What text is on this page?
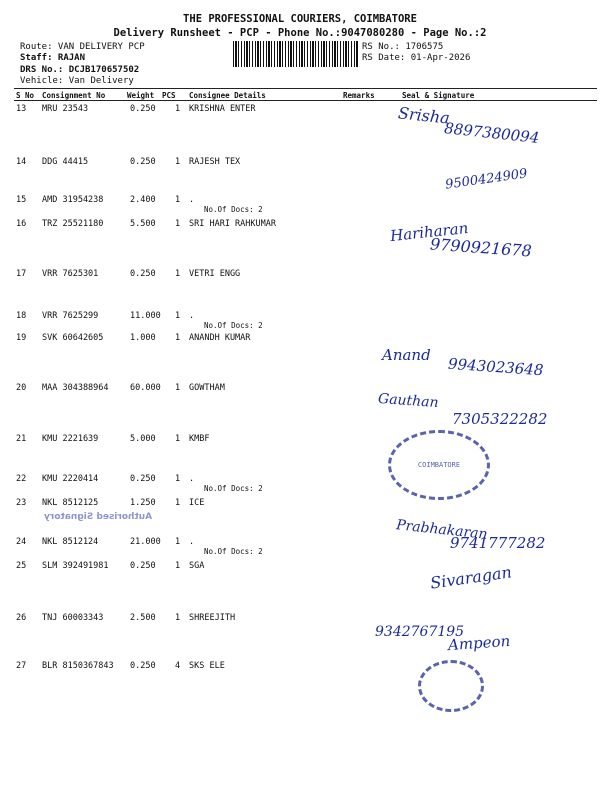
THE PROFESSIONAL COURIERS, COIMBATORE
Delivery Runsheet - PCP - Phone No.:9047080280 - Page No.:2
Route: VAN DELIVERY PCP
Staff: RAJAN
DRS No.: DCJB170657502
Vehicle: Van Delivery
RS No.: 1706575
RS Date: 01-Apr-2026
S No Consignment No	Weight PCS Consignee Details	Remarks	Seal & Signature
13 MRU 23543	0.250 1 KRISHNA ENTER
14 DDG 44415	0.250 1 RAJESH TEX
15 AMD 31954238	2.400 1 .
No.Of Docs: 2
16 TRZ 25521180	5.500 1 SRI HARI RAHKUMAR
17 VRR 7625301	0.250 1 VETRI ENGG
18 VRR 7625299	11.000 1 .
No.Of Docs: 2
19 SVK 60642605	1.000 1 ANANDH KUMAR
20 MAA 304388964	60.000 1 GOWTHAM
21 KMU 2221639	5.000 1 KMBF
22 KMU 2220414	0.250 1 .
No.Of Docs: 2
23 NKL 8512125	1.250 1 ICE
24 NKL 8512124	21.000 1 .
No.Of Docs: 2
25 SLM 392491981	0.250 1 SGA
26 TNJ 60003343	2.500 1 SHREEJITH
27 BLR 8150367843 0.250 4 SKS ELE
COIMBATORE
Authorised Signatory
Srisha
8897380094
9500424909
Hariharan
9790921678
Anand 9943023648
Gauthan
7305322282
Prabhakaran
9741777282
Sivaragan
9342767195
Ampeon
